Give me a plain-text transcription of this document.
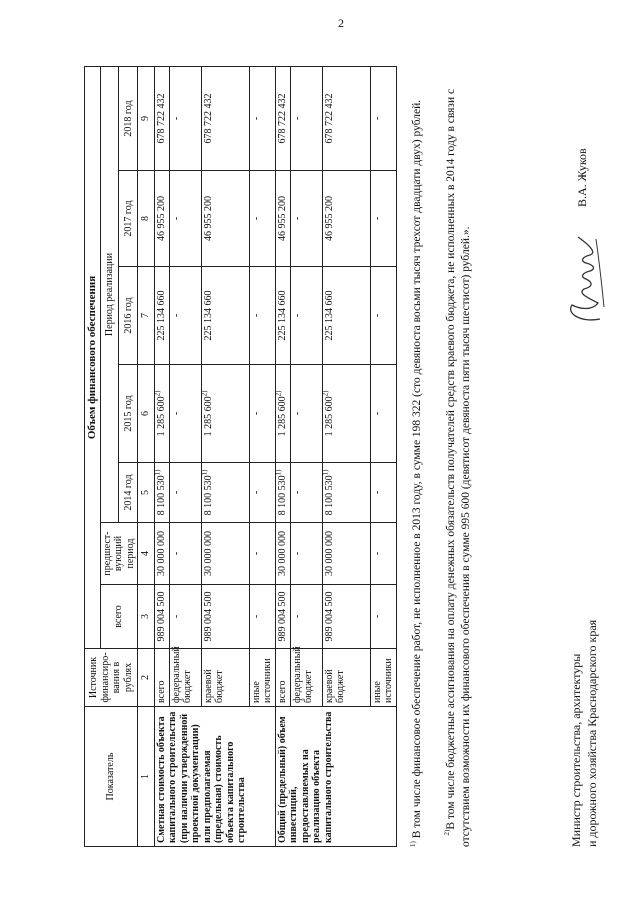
2
Показатель	Источник финансиро-вания в рублях	Объем финансового обеспечения						
		всего	предшест-вующий период	Период реализации				
				2014 год	2015 год	2016 год	2017 год	2018 год
1	2	3	4	5	6	7	8	9
Сметная стоимость объекта капитального строительства (при наличии утвержденной проектной документации) или предполагаемая (предельная) стоимость объекта капитального строительства	всего	989 004 500	30 000 000	8 100 530$^{1)}$	1 285 600$^{2)}$	225 134 660	46 955 200	678 722 432
	федеральный бюджет	-	-	-	-	-	-	-
	краевой бюджет	989 004 500	30 000 000	8 100 530$^{1)}$	1 285 600$^{2)}$	225 134 660	46 955 200	678 722 432
	иные источники	-	-	-	-	-	-	-
Общий (предельный) объем инвестиций, предоставляемых на реализацию объекта капитального строительства	всего	989 004 500	30 000 000	8 100 530$^{1)}$	1 285 600$^{2)}$	225 134 660	46 955 200	678 722 432
	федеральный бюджет	-	-	-	-	-	-	-
	краевой бюджет	989 004 500	30 000 000	8 100 530$^{1)}$	1 285 600$^{2)}$	225 134 660	46 955 200	678 722 432
	иные источники	-	-	-	-	-	-	-
$^{1)}$ В том числе финансовое обеспечение работ, не исполненное в 2013 году, в сумме 198 322 (сто девяноста восьми тысяч трехсот двадцати двух) рублей.	$^{2)}$В том числе бюджетные ассигнования на оплату денежных обязательств получателей средств краевого бюджета, не исполненных в 2014 году в связи с отсутствием возможности их финансового обеспечения в сумме 995 600 (девятисот девяноста пяти тысяч шестисот) рублей.».	Министр строительства, архитектуры и дорожного хозяйства Краснодарского края
В.А. Жуков
